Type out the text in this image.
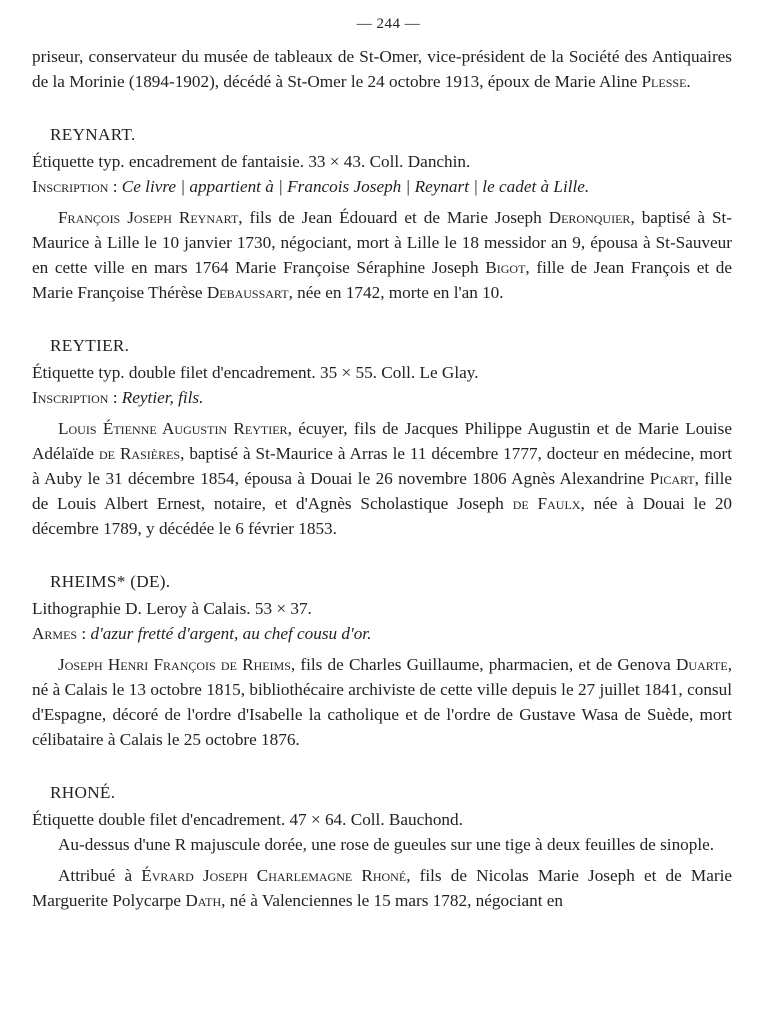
— 244 —

priseur, conservateur du musée de tableaux de St-Omer, vice-président de la Société des Antiquaires de la Morinie (1894-1902), décédé à St-Omer le 24 octobre 1913, époux de Marie Aline Plesse.

REYNART.

Étiquette typ. encadrement de fantaisie. 33 × 43. Coll. Danchin.

Inscription : Ce livre | appartient à | Francois Joseph | Reynart | le cadet à Lille.

François Joseph Reynart, fils de Jean Édouard et de Marie Joseph Deronquier, baptisé à St-Maurice à Lille le 10 janvier 1730, négociant, mort à Lille le 18 messidor an 9, épousa à St-Sauveur en cette ville en mars 1764 Marie Françoise Séraphine Joseph Bigot, fille de Jean François et de Marie Françoise Thérèse Debaussart, née en 1742, morte en l'an 10.

REYTIER.

Étiquette typ. double filet d'encadrement. 35 × 55. Coll. Le Glay.

Inscription : Reytier, fils.

Louis Étienne Augustin Reytier, écuyer, fils de Jacques Philippe Augustin et de Marie Louise Adélaïde de Rasières, baptisé à St-Maurice à Arras le 11 décembre 1777, docteur en médecine, mort à Auby le 31 décembre 1854, épousa à Douai le 26 novembre 1806 Agnès Alexandrine Picart, fille de Louis Albert Ernest, notaire, et d'Agnès Scholastique Joseph de Faulx, née à Douai le 20 décembre 1789, y décédée le 6 février 1853.

RHEIMS* (DE).

Lithographie D. Leroy à Calais. 53 × 37.

Armes : d'azur fretté d'argent, au chef cousu d'or.

Joseph Henri François de Rheims, fils de Charles Guillaume, pharmacien, et de Genova Duarte, né à Calais le 13 octobre 1815, bibliothécaire archiviste de cette ville depuis le 27 juillet 1841, consul d'Espagne, décoré de l'ordre d'Isabelle la catholique et de l'ordre de Gustave Wasa de Suède, mort célibataire à Calais le 25 octobre 1876.

RHONÉ.

Étiquette double filet d'encadrement. 47 × 64. Coll. Bauchond.

Au-dessus d'une R majuscule dorée, une rose de gueules sur une tige à deux feuilles de sinople.

Attribué à Évrard Joseph Charlemagne Rhoné, fils de Nicolas Marie Joseph et de Marie Marguerite Polycarpe Dath, né à Valenciennes le 15 mars 1782, négociant en
